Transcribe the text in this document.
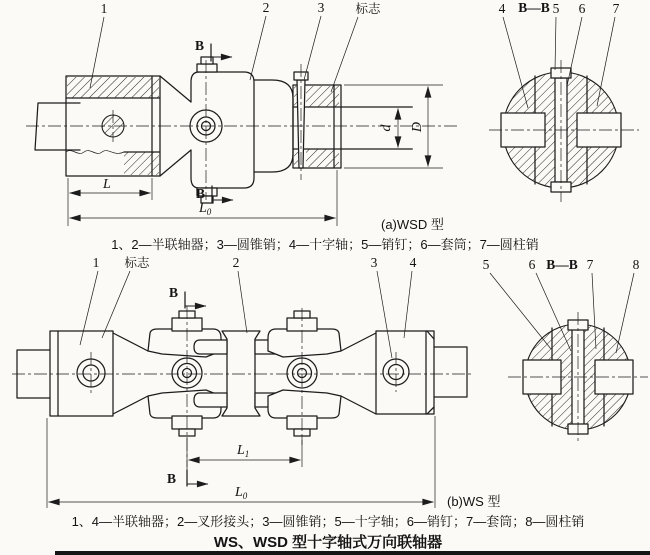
d D
L
$L_0$
B
B
1	2	3 标志	4 B—B 5 6 7
(a)WSD 型
1、2—半联轴器；3—圆锥销；4—十字轴；5—销钉；6—套筒；7—圆柱销
$L_1$
$L_0$
B
B
1 标志	2	3 4	5	6 B—B 7	8
(b)WS 型
1、4—半联轴器；2—叉形接头；3—圆锥销；5—十字轴；6—销钉；7—套筒；8—圆柱销
WS、WSD 型十字轴式万向联轴器
